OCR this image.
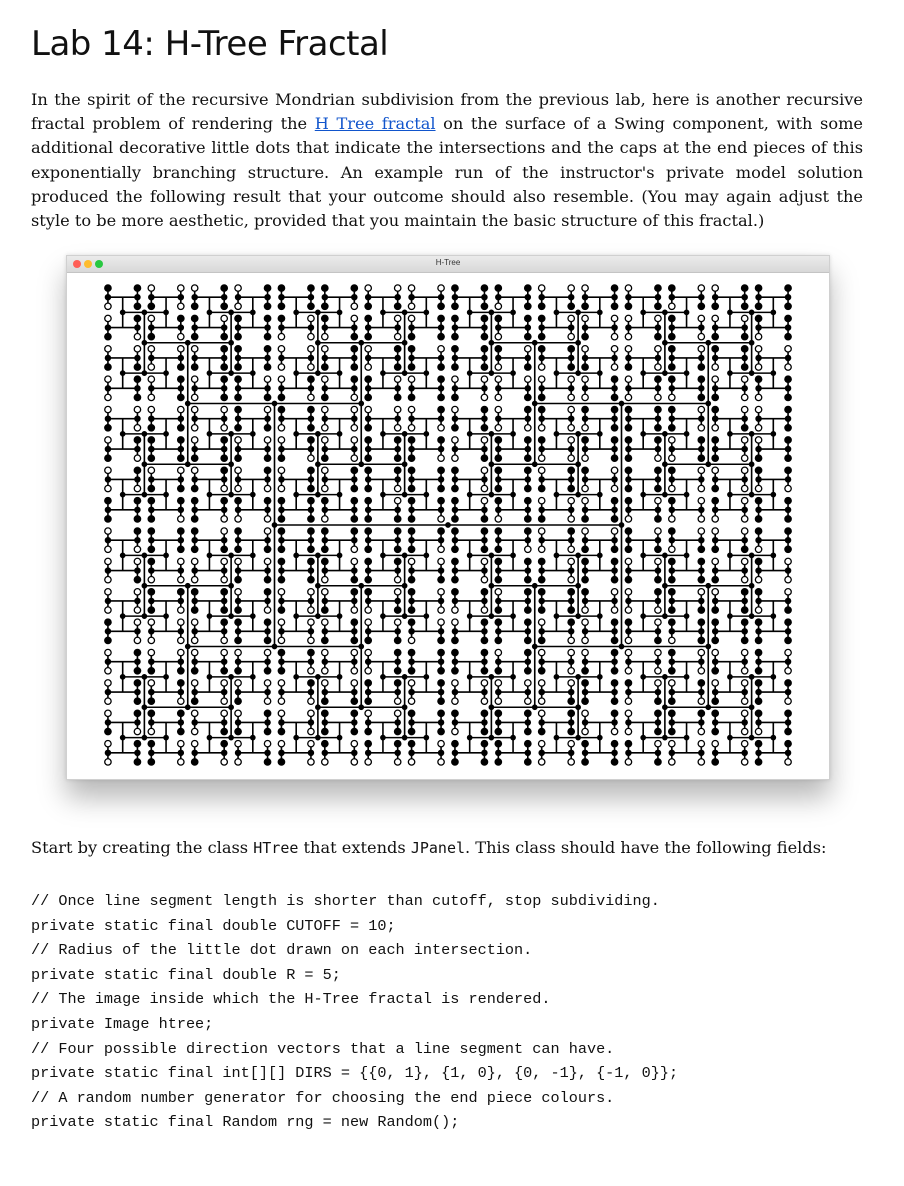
Lab 14: H-Tree Fractal

In the spirit of the recursive Mondrian subdivision from the previous lab, here is another recursive fractal problem of rendering the H Tree fractal on the surface of a Swing component, with some additional decorative little dots that indicate the intersections and the caps at the end pieces of this exponentially branching structure. An example run of the instructor's private model solution produced the following result that your outcome should also resemble. (You may again adjust the style to be more aesthetic, provided that you maintain the basic structure of this fractal.)

H-Tree

Start by creating the class HTree that extends JPanel. This class should have the following fields:

// Once line segment length is shorter than cutoff, stop subdividing.
private static final double CUTOFF = 10;
// Radius of the little dot drawn on each intersection.
private static final double R = 5;
// The image inside which the H-Tree fractal is rendered.
private Image htree;
// Four possible direction vectors that a line segment can have.
private static final int[][] DIRS = {{0, 1}, {1, 0}, {0, -1}, {-1, 0}};
// A random number generator for choosing the end piece colours.
private static final Random rng = new Random();
